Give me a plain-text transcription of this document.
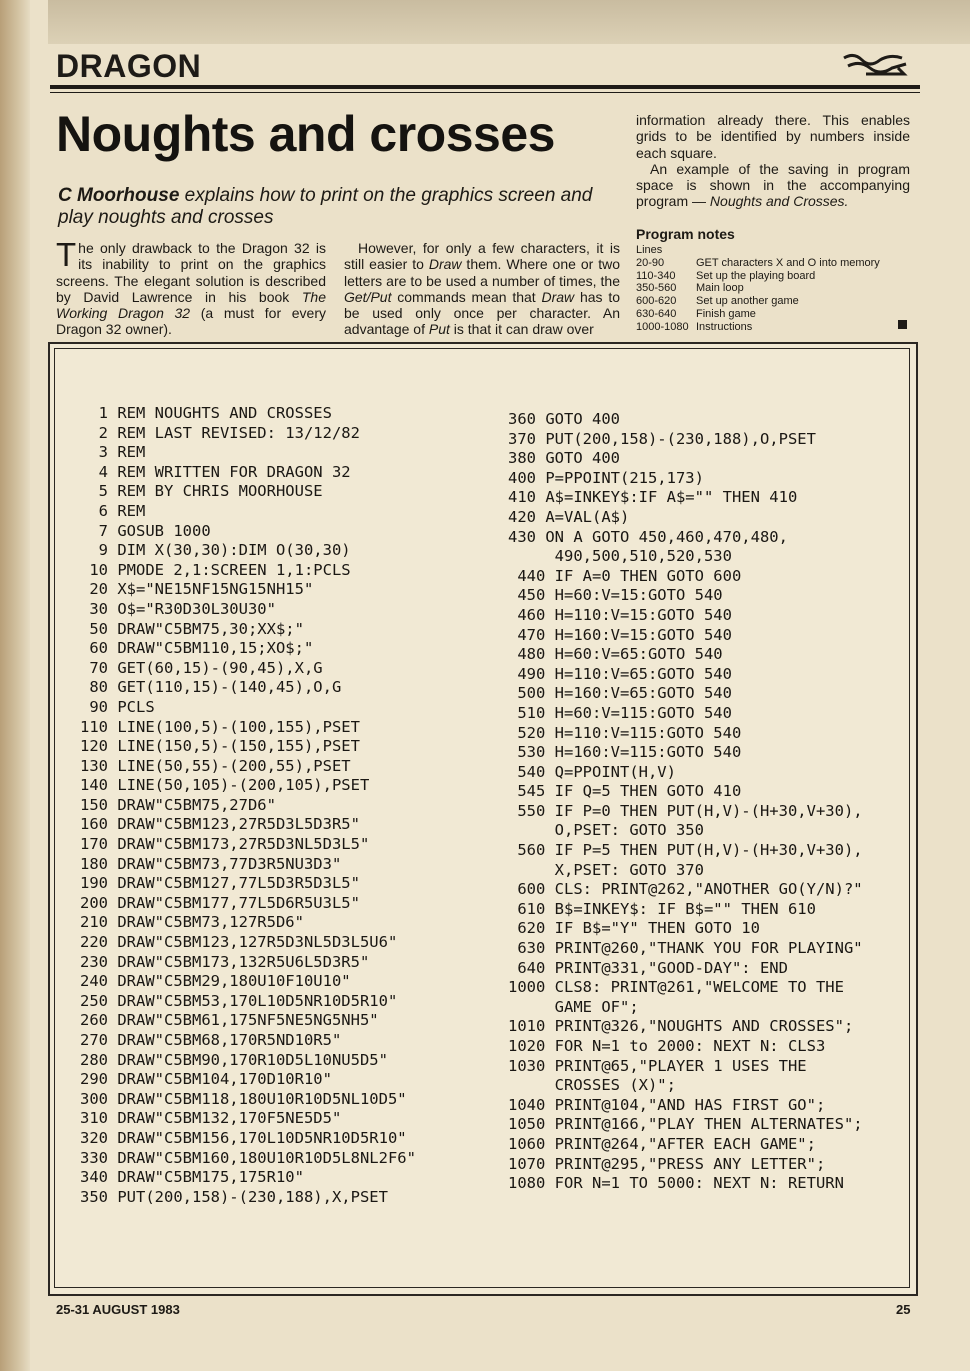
DRAGON
Noughts and crosses
C Moorhouse explains how to print on the graphics screen and play noughts and crosses
The only drawback to the Dragon 32 is its inability to print on the graphics screens. The elegant solution is described by David Lawrence in his book The Working Dragon 32 (a must for every Dragon 32 owner).
However, for only a few characters, it is still easier to Draw them. Where one or two letters are to be used a number of times, the Get/Put commands mean that Draw has to be used only once per character. An advantage of Put is that it can draw over

information already there. This enables grids to be identified by numbers inside each square.

An example of the saving in program space is shown in the accompanying program — Noughts and Crosses.

Program notes
Lines	
20-90	GET characters X and O into memory
110-340	Set up the playing board
350-560	Main loop
600-620	Set up another game
630-640	Finish game
1000-1080	Instructions
1 REM NOUGHTS AND CROSSES
2 REM LAST REVISED: 13/12/82
3 REM
4 REM WRITTEN FOR DRAGON 32
5 REM BY CHRIS MOORHOUSE
6 REM
7 GOSUB 1000
9 DIM X(30,30):DIM O(30,30)
10 PMODE 2,1:SCREEN 1,1:PCLS
20 X$="NE15NF15NG15NH15"
30 O$="R30D30L30U30"
50 DRAW"C5BM75,30;XX$;"
60 DRAW"C5BM110,15;XO$;"
70 GET(60,15)-(90,45),X,G
80 GET(110,15)-(140,45),O,G
90 PCLS
110 LINE(100,5)-(100,155),PSET
120 LINE(150,5)-(150,155),PSET
130 LINE(50,55)-(200,55),PSET
140 LINE(50,105)-(200,105),PSET
150 DRAW"C5BM75,27D6"
160 DRAW"C5BM123,27R5D3L5D3R5"
170 DRAW"C5BM173,27R5D3NL5D3L5"
180 DRAW"C5BM73,77D3R5NU3D3"
190 DRAW"C5BM127,77L5D3R5D3L5"
200 DRAW"C5BM177,77L5D6R5U3L5"
210 DRAW"C5BM73,127R5D6"
220 DRAW"C5BM123,127R5D3NL5D3L5U6"
230 DRAW"C5BM173,132R5U6L5D3R5"
240 DRAW"C5BM29,180U10F10U10"
250 DRAW"C5BM53,170L10D5NR10D5R10"
260 DRAW"C5BM61,175NF5NE5NG5NH5"
270 DRAW"C5BM68,170R5ND10R5"
280 DRAW"C5BM90,170R10D5L10NU5D5"
290 DRAW"C5BM104,170D10R10"
300 DRAW"C5BM118,180U10R10D5NL10D5"
310 DRAW"C5BM132,170F5NE5D5"
320 DRAW"C5BM156,170L10D5NR10D5R10"
330 DRAW"C5BM160,180U10R10D5L8NL2F6"
340 DRAW"C5BM175,175R10"
350 PUT(200,158)-(230,188),X,PSET
360 GOTO 400
370 PUT(200,158)-(230,188),O,PSET
380 GOTO 400
400 P=PPOINT(215,173)
410 A$=INKEY$:IF A$="" THEN 410
420 A=VAL(A$)
430 ON A GOTO 450,460,470,480,
490,500,510,520,530
440 IF A=0 THEN GOTO 600
450 H=60:V=15:GOTO 540
460 H=110:V=15:GOTO 540
470 H=160:V=15:GOTO 540
480 H=60:V=65:GOTO 540
490 H=110:V=65:GOTO 540
500 H=160:V=65:GOTO 540
510 H=60:V=115:GOTO 540
520 H=110:V=115:GOTO 540
530 H=160:V=115:GOTO 540
540 Q=PPOINT(H,V)
545 IF Q=5 THEN GOTO 410
550 IF P=0 THEN PUT(H,V)-(H+30,V+30),
O,PSET: GOTO 350
560 IF P=5 THEN PUT(H,V)-(H+30,V+30),
X,PSET: GOTO 370
600 CLS: PRINT@262,"ANOTHER GO(Y/N)?"
610 B$=INKEY$: IF B$="" THEN 610
620 IF B$="Y" THEN GOTO 10
630 PRINT@260,"THANK YOU FOR PLAYING"
640 PRINT@331,"GOOD-DAY": END
1000 CLS8: PRINT@261,"WELCOME TO THE
GAME OF";
1010 PRINT@326,"NOUGHTS AND CROSSES";
1020 FOR N=1 to 2000: NEXT N: CLS3
1030 PRINT@65,"PLAYER 1 USES THE
CROSSES (X)";
1040 PRINT@104,"AND HAS FIRST GO";
1050 PRINT@166,"PLAY THEN ALTERNATES";
1060 PRINT@264,"AFTER EACH GAME";
1070 PRINT@295,"PRESS ANY LETTER";
1080 FOR N=1 TO 5000: NEXT N: RETURN
25-31 AUGUST 1983	25
